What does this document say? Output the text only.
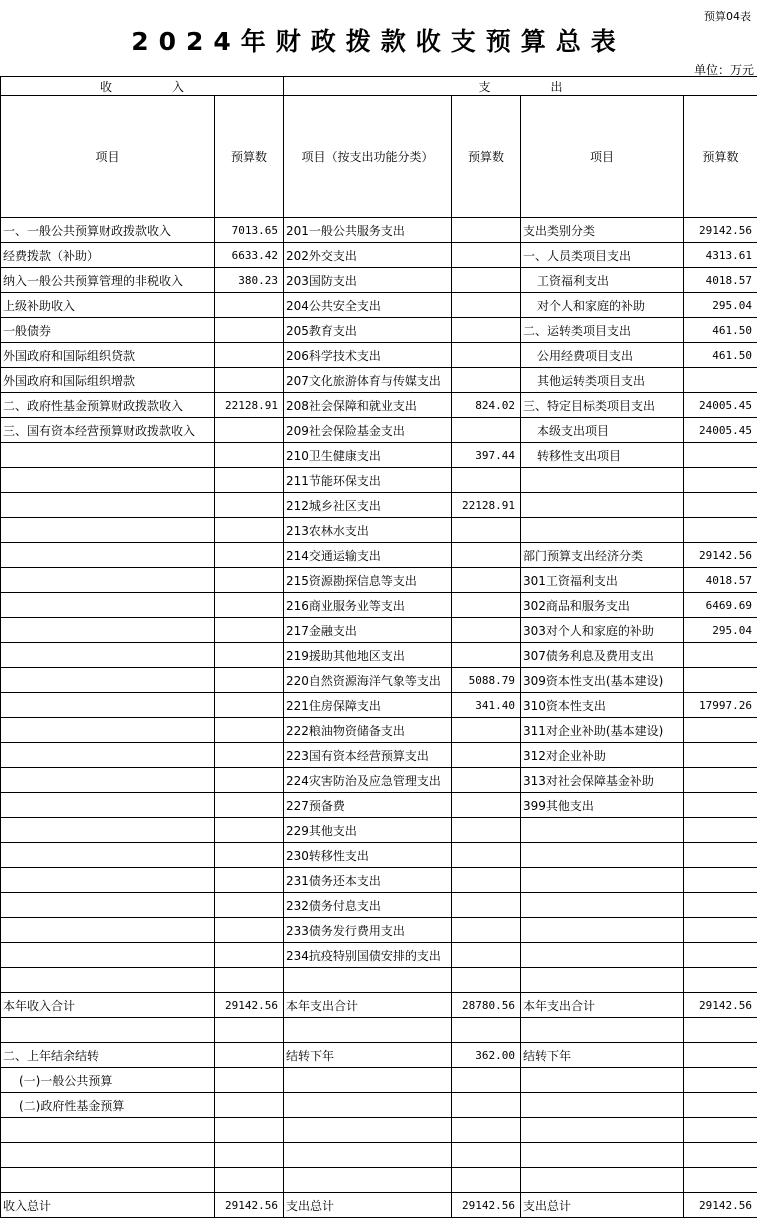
预算04表
2024年财政拨款收支预算总表
单位：万元
收　　　　　入		支　　　　　出			
项目	预算数	项目（按支出功能分类）	预算数	项目	预算数
一、一般公共预算财政拨款收入	7013.65	201一般公共服务支出		支出类别分类	29142.56
经费拨款（补助）	6633.42	202外交支出		一、人员类项目支出	4313.61
纳入一般公共预算管理的非税收入	380.23	203国防支出		工资福利支出	4018.57
上级补助收入		204公共安全支出		对个人和家庭的补助	295.04
一般债券		205教育支出		二、运转类项目支出	461.50
外国政府和国际组织贷款		206科学技术支出		公用经费项目支出	461.50
外国政府和国际组织增款		207文化旅游体育与传媒支出		其他运转类项目支出	
二、政府性基金预算财政拨款收入	22128.91	208社会保障和就业支出	824.02	三、特定目标类项目支出	24005.45
三、国有资本经营预算财政拨款收入		209社会保险基金支出		本级支出项目	24005.45
		210卫生健康支出	397.44	转移性支出项目	
		211节能环保支出			
		212城乡社区支出	22128.91		
		213农林水支出			
		214交通运输支出		部门预算支出经济分类	29142.56
		215资源勘探信息等支出		301工资福利支出	4018.57
		216商业服务业等支出		302商品和服务支出	6469.69
		217金融支出		303对个人和家庭的补助	295.04
		219援助其他地区支出		307债务利息及费用支出	
		220自然资源海洋气象等支出	5088.79	309资本性支出(基本建设)	
		221住房保障支出	341.40	310资本性支出	17997.26
		222粮油物资储备支出		311对企业补助(基本建设)	
		223国有资本经营预算支出		312对企业补助	
		224灾害防治及应急管理支出		313对社会保障基金补助	
		227预备费		399其他支出	
		229其他支出			
		230转移性支出			
		231债务还本支出			
		232债务付息支出			
		233债务发行费用支出			
		234抗疫特别国债安排的支出			

本年收入合计	29142.56	本年支出合计	28780.56	本年支出合计	29142.56

二、上年结余结转		结转下年	362.00	结转下年	
(一)一般公共预算					
(二)政府性基金预算					

收入总计	29142.56	支出总计	29142.56	支出总计	29142.56
